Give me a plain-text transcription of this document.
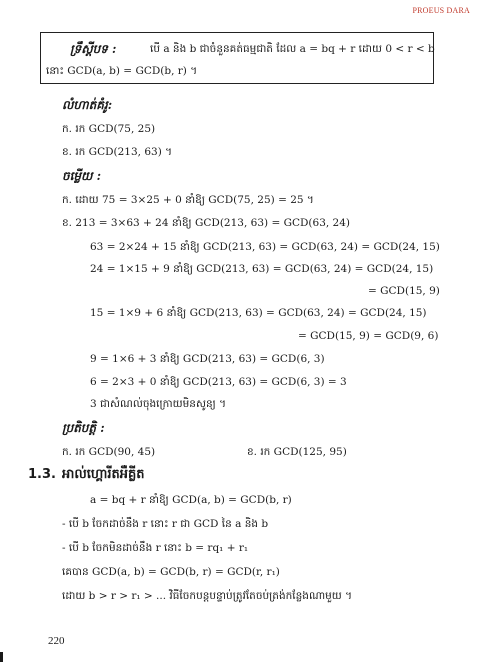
PROEUS DARA
ទ្រឹស្ដីបទ :	បើ a និង b ជាចំនួនគត់ធម្មជាតិ ដែល a = bq + r ដោយ 0 < r < b
នោះ GCD(a, b) = GCD(b, r) ។
លំហាត់គំរូ:
ក. រក GCD(75, 25)
ខ. រក GCD(213, 63) ។
ចម្លើយ :
ក. ដោយ 75 = 3×25 + 0 នាំឱ្យ GCD(75, 25) = 25 ។
ខ. 213 = 3×63 + 24 នាំឱ្យ GCD(213, 63) = GCD(63, 24)
63 = 2×24 + 15 នាំឱ្យ GCD(213, 63) = GCD(63, 24) = GCD(24, 15)
24 = 1×15 + 9 នាំឱ្យ GCD(213, 63) = GCD(63, 24) = GCD(24, 15)
= GCD(15, 9)
15 = 1×9 + 6 នាំឱ្យ GCD(213, 63) = GCD(63, 24) = GCD(24, 15)
= GCD(15, 9) = GCD(9, 6)
9 = 1×6 + 3 នាំឱ្យ GCD(213, 63) = GCD(6, 3)
6 = 2×3 + 0 នាំឱ្យ GCD(213, 63) = GCD(6, 3) = 3
3 ជាសំណល់ចុងក្រោយមិនសូន្យ ។
ប្រតិបត្តិ :
ក. រក GCD(90, 45)	ខ. រក GCD(125, 95)
1.3. អាល់ហ្គោរីតអឺគ្លីត
a = bq + r នាំឱ្យ GCD(a, b) = GCD(b, r)
- បើ b ចែកដាច់នឹង r នោះ r ជា GCD នៃ a និង b
- បើ b ចែកមិនដាច់នឹង r នោះ b = rq₁ + r₁
គេបាន GCD(a, b) = GCD(b, r) = GCD(r, r₁)
ដោយ b > r > r₁ > ... វិធីចែកបន្តបន្ទាប់ត្រូវតែចប់ត្រង់កន្លែងណាមួយ ។
220
